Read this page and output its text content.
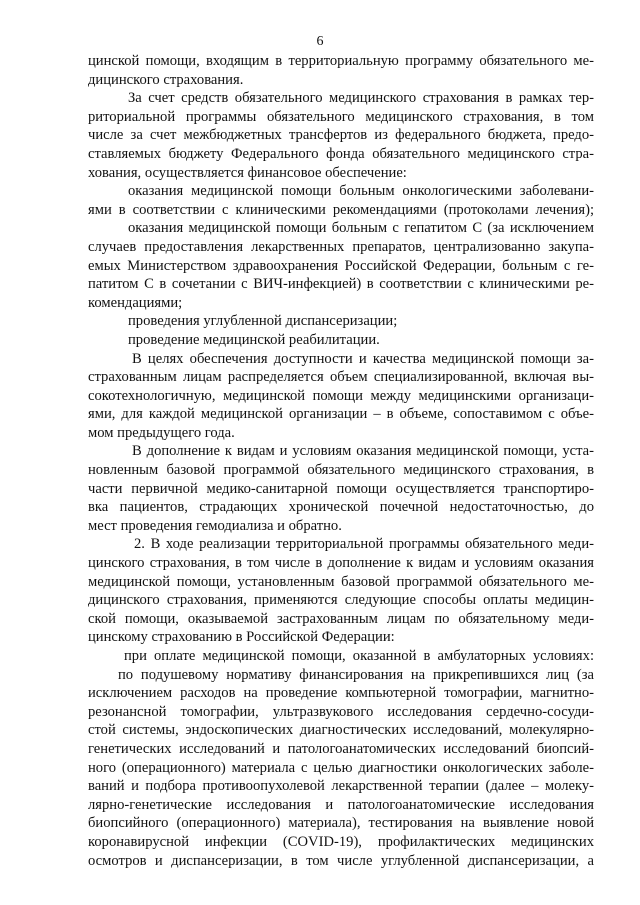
6
цинской помощи, входящим в территориальную программу обязательного ме-
дицинского страхования.
За счет средств обязательного медицинского страхования в рамках тер-
риториальной программы обязательного медицинского страхования, в том
числе за счет межбюджетных трансфертов из федерального бюджета, предо-
ставляемых бюджету Федерального фонда обязательного медицинского стра-
хования, осуществляется финансовое обеспечение:
оказания медицинской помощи больным онкологическими заболевани-
ями в соответствии с клиническими рекомендациями (протоколами лечения);
оказания медицинской помощи больным с гепатитом С (за исключением
случаев предоставления лекарственных препаратов, централизованно закупа-
емых Министерством здравоохранения Российской Федерации, больным с ге-
патитом С в сочетании с ВИЧ-инфекцией) в соответствии с клиническими ре-
комендациями;
проведения углубленной диспансеризации;
проведение медицинской реабилитации.
В целях обеспечения доступности и качества медицинской помощи за-
страхованным лицам распределяется объем специализированной, включая вы-
сокотехнологичную, медицинской помощи между медицинскими организаци-
ями, для каждой медицинской организации – в объеме, сопоставимом с объе-
мом предыдущего года.
В дополнение к видам и условиям оказания медицинской помощи, уста-
новленным базовой программой обязательного медицинского страхования, в
части первичной медико-санитарной помощи осуществляется транспортиро-
вка пациентов, страдающих хронической почечной недостаточностью, до
мест проведения гемодиализа и обратно.
2. В ходе реализации территориальной программы обязательного меди-
цинского страхования, в том числе в дополнение к видам и условиям оказания
медицинской помощи, установленным базовой программой обязательного ме-
дицинского страхования, применяются следующие способы оплаты медицин-
ской помощи, оказываемой застрахованным лицам по обязательному меди-
цинскому страхованию в Российской Федерации:
при оплате медицинской помощи, оказанной в амбулаторных условиях:
по подушевому нормативу финансирования на прикрепившихся лиц (за
исключением расходов на проведение компьютерной томографии, магнитно-
резонансной томографии, ультразвукового исследования сердечно-сосуди-
стой системы, эндоскопических диагностических исследований, молекулярно-
генетических исследований и патологоанатомических исследований биопсий-
ного (операционного) материала с целью диагностики онкологических заболе-
ваний и подбора противоопухолевой лекарственной терапии (далее – молеку-
лярно-генетические исследования и патологоанатомические исследования
биопсийного (операционного) материала), тестирования на выявление новой
коронавирусной инфекции (COVID-19), профилактических медицинских
осмотров и диспансеризации, в том числе углубленной диспансеризации, а
